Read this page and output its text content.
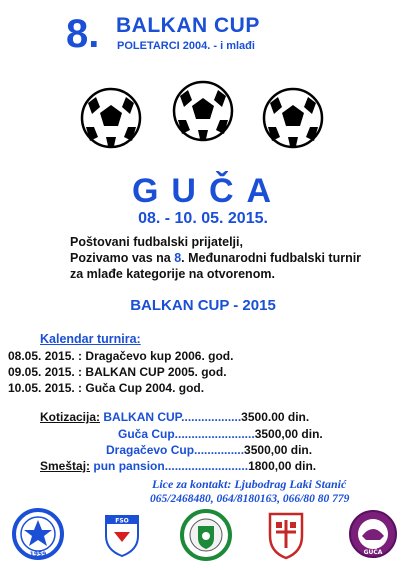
8. BALKAN CUP
POLETARCI 2004. - i mlađi
GUČA
08. - 10. 05. 2015.
Poštovani fudbalski prijatelji,
Pozivamo vas na 8. Međunarodni fudbalski turnir
za mlađe kategorije na otvorenom.
BALKAN CUP - 2015
Kalendar turnira:
08.05. 2015. : Dragačevo kup 2006. god.
09.05. 2015. : BALKAN CUP 2005. god.
10.05. 2015. : Guča Cup 2004. god.
Kotizacija: BALKAN CUP..................3500.00 din.
Guča Cup........................3500,00 din.
Dragačevo Cup...............3500,00 din.
Smeštaj: pun pansion.........................1800,00 din.
Lice za kontakt: Ljubodrag Laki Stanić
065/2468480, 064/8180163, 066/80 80 779
1959
FSO
GUČA
